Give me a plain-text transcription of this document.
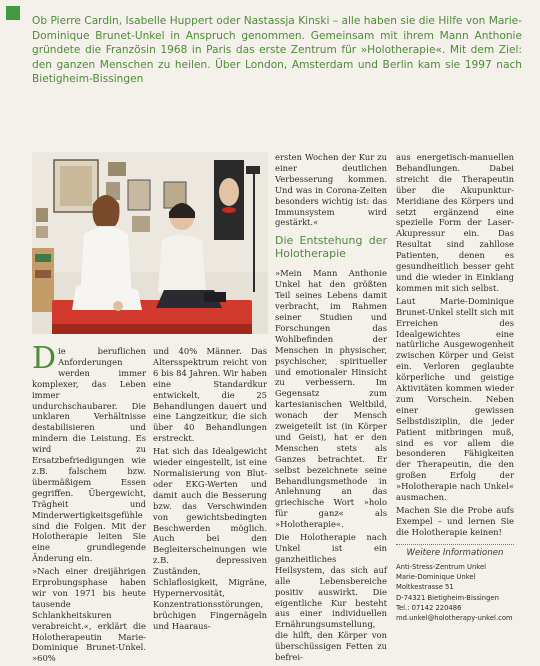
Ob Pierre Cardin, Isabelle Huppert oder Nastassja Kinski – alle haben sie die Hilfe von Marie-Dominique Brunet-Unkel in Anspruch genommen. Gemeinsam mit ihrem Mann Anthonie gründete die Französin 1968 in Paris das erste Zentrum für »Holotherapie«. Mit dem Ziel: den ganzen Menschen zu heilen. Über London, Amsterdam und Berlin kam sie 1997 nach Bietigheim-Bissingen

Die beruflichen Anforderungen werden immer komplexer, das Leben immer undurchschaubarer. Die unklaren Verhältnisse destabilisieren und mindern die Leistung. Es wird zu Ersatzbefriedigungen wie z.B. falschem bzw. übermäßigem Essen gegriffen. Übergewicht, Trägheit und Minderwertigkeitsgefühle sind die Folgen. Mit der Holotherapie leiten Sie eine grundlegende Änderung ein.

»Nach einer dreijährigen Erprobungsphase haben wir von 1971 bis heute tausende Schlankheitskuren verabreicht.«, erklärt die Holotherapeutin Marie-Dominique Brunet-Unkel. »60%

und 40% Männer. Das Altersspektrum reicht von 6 bis 84 Jahren. Wir haben eine Standardkur entwickelt, die 25 Behandlungen dauert und eine Langzeitkur, die sich über 40 Behandlungen erstreckt.

Hat sich das Idealgewicht wieder eingestellt, ist eine Normalisierung von Blut- oder EKG-Werten und damit auch die Besserung bzw. das Verschwinden von gewichtsbedingten Beschwerden möglich. Auch bei den Begleiterscheinungen wie z.B. depressiven Zuständen, Schlaflosigkeit, Migräne, Hypernervosität, Konzentrationsstörungen, brüchigen Fingernägeln und Haaraus-

ersten Wochen der Kur zu einer deutlichen Verbesserung kommen. Und was in Corona-Zeiten besonders wichtig ist: das Immunsystem wird gestärkt.«

Die Entstehung der Holotherapie

»Mein Mann Anthonie Unkel hat den größten Teil seines Lebens damit verbracht, im Rahmen seiner Studien und Forschungen das Wohlbefinden der Menschen in physischer, psychischer, spiritueller und emotionaler Hinsicht zu verbessern. Im Gegensatz zum kartesianischen Weltbild, wonach der Mensch zweigeteilt ist (in Körper und Geist), hat er den Menschen stets als Ganzes betrachtet. Er selbst bezeichnete seine Behandlungsmethode in Anlehnung an das griechische Wort »holo für ganz« als »Holotherapie«.

Die Holotherapie nach Unkel ist ein ganzheitliches Heilsystem, das sich auf alle Lebensbereiche positiv auswirkt. Die eigentliche Kur besteht aus einer individuellen Ernährungsumstellung, die hilft, den Körper von überschüssigen Fetten zu befrei-

aus energetisch-manuellen Behandlungen. Dabei streicht die Therapeutin über die Akupunktur-Meridiane des Körpers und setzt ergänzend eine spezielle Form der Laser-Akupressur ein. Das Resultat sind zahllose Patienten, denen es gesundheitlich besser geht und die wieder in Einklang kommen mit sich selbst.

Laut Marie-Dominique Brunet-Unkel stellt sich mit Erreichen des Idealgewichtes eine natürliche Ausgewogenheit zwischen Körper und Geist ein. Verloren geglaubte körperliche und geistige Aktivitäten kommen wieder zum Vorschein. Neben einer gewissen Selbstdisziplin, die jeder Patient mitbringen muß, sind es vor allem die besonderen Fähigkeiten der Therapeutin, die den großen Erfolg der »Holotherapie nach Unkel« ausmachen.

Machen Sie die Probe aufs Exempel – und lernen Sie die Holotherapie keinen!

Weitere Informationen
Anti-Stress-Zentrum Unkel
Marie-Dominique Unkel
Moltkestrasse 51
D-74321 Bietigheim-Bissingen
Tel.: 07142 220486
md.unkel@holotherapy-unkel.com
